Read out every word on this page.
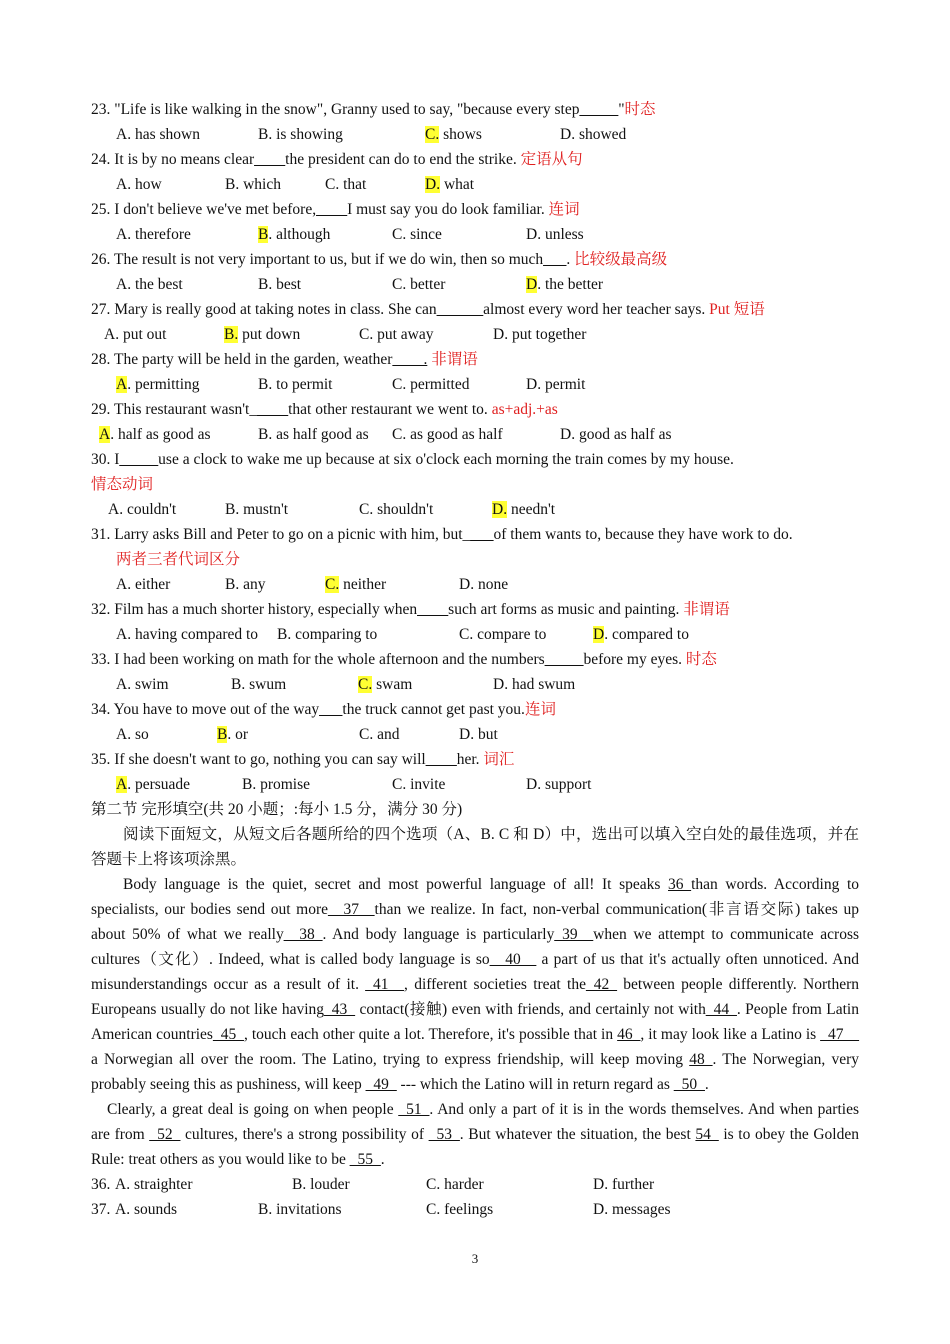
23. "Life is like walking in the snow", Granny used to say, "because every step_____"时态
A. has shown	B. is showing	C. shows	D. showed
24. It is by no means clear____the president can do to end the strike. 定语从句
A. how	B. which	C. that	D. what
25. I don't believe we've met before,____I must say you do look familiar. 连词
A. therefore	B. although	C. since	D. unless
26. The result is not very important to us, but if we do win, then so much___. 比较级最高级
A. the best	B. best	C. better	D. the better
27. Mary is really good at taking notes in class. She can______almost every word her teacher says. Put 短语
A. put out	B. put down	C. put away	D. put together
28. The party will be held in the garden, weather____. 非谓语
A. permitting	B. to permit	C. permitted	D. permit
29. This restaurant wasn't_____that other restaurant we went to. as+adj.+as
A. half as good as	B. as half good as C. as good as half	D. good as half as
30. I_____use a clock to wake me up because at six o'clock each morning the train comes by my house.
情态动词
A. couldn't	B. mustn't	C. shouldn't	D. needn't
31. Larry asks Bill and Peter to go on a picnic with him, but____of them wants to, because they have work to do.
两者三者代词区分
A. either	B. any	C. neither	D. none
32. Film has a much shorter history, especially when____such art forms as music and painting. 非谓语
A. having compared to B. comparing to	C. compare to	D. compared to
33. I had been working on math for the whole afternoon and the numbers_____before my eyes. 时态
A. swim	B. swum	C. swam	D. had swum
34. You have to move out of the way___the truck cannot get past you.连词
A. so	B. or	C. and	D. but
35. If she doesn't want to go, nothing you can say will____her. 词汇
A. persuade	B. promise	C. invite	D. support
第二节 完形填空(共 20 小题；:每小 1.5 分，满分 30 分)
阅读下面短文，从短文后各题所给的四个选项（A、B. C 和 D）中，选出可以填入空白处的最佳选项，并在答题卡上将该项涂黑。

Body language is the quiet, secret and most powerful language of all! It speaks 36 than words. According to specialists, our bodies send out more__37__than we realize. In fact, non-verbal communication(非言语交际) takes up about 50% of what we really__38_. And body language is particularly_39__when we attempt to communicate across cultures（文化）. Indeed, what is called body language is so__40__ a part of us that it's actually often unnoticed. And misunderstandings occur as a result of it. _41__, different societies treat the_42_ between people differently. Northern Europeans usually do not like having_43_ contact(接触) even with friends, and certainly not with_44_. People from Latin American countries_45_, touch each other quite a lot. Therefore, it's possible that in 46_, it may look like a Latino is _47__ a Norwegian all over the room. The Latino, trying to express friendship, will keep moving 48_. The Norwegian, very probably seeing this as pushiness, will keep _49_ --- which the Latino will in return regard as _50_.

Clearly, a great deal is going on when people _51_. And only a part of it is in the words themselves. And when parties are from _52_ cultures, there's a strong possibility of _53_. But whatever the situation, the best 54_ is to obey the Golden Rule: treat others as you would like to be _55_.

36. A. straighter	B. louder	C. harder	D. further
37. A. sounds	B. invitations	C. feelings	D. messages
3
